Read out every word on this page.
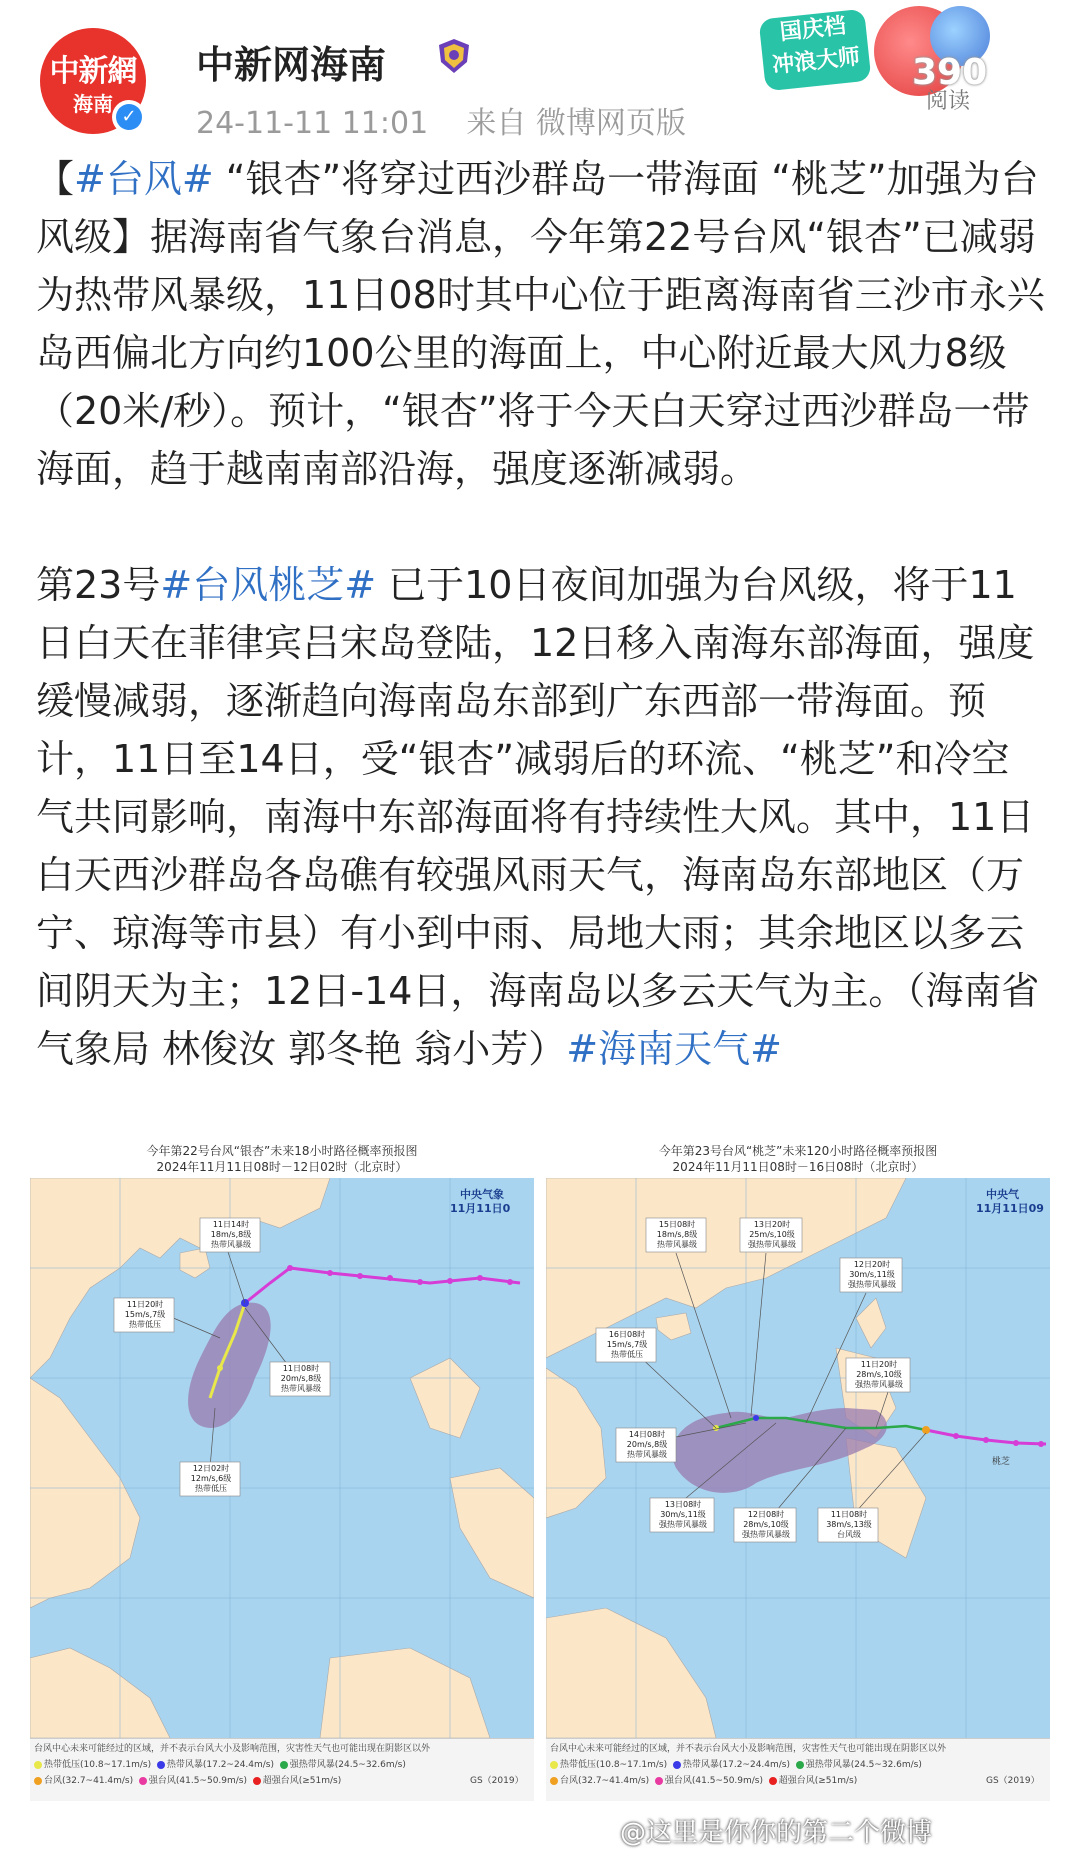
中新網
海南
✓
中新网海南
24-11-11 11:01 来自 微博网页版
国庆档
冲浪大师 390
阅读

【#台风# “银杏”将穿过西沙群岛一带海面 “桃芝”加强为台风级】据海南省气象台消息，今年第22号台风“银杏”已减弱为热带风暴级，11日08时其中心位于距离海南省三沙市永兴岛西偏北方向约100公里的海面上，中心附近最大风力8级（20米/秒）。预计，“银杏”将于今天白天穿过西沙群岛一带海面，趋于越南南部沿海，强度逐渐减弱。

第23号#台风桃芝# 已于10日夜间加强为台风级，将于11日白天在菲律宾吕宋岛登陆，12日移入南海东部海面，强度缓慢减弱，逐渐趋向海南岛东部到广东西部一带海面。预计，11日至14日，受“银杏”减弱后的环流、“桃芝”和冷空气共同影响，南海中东部海面将有持续性大风。其中，11日白天西沙群岛各岛礁有较强风雨天气，海南岛东部地区（万宁、琼海等市县）有小到中雨、局地大雨；其余地区以多云间阴天为主；12日-14日，海南岛以多云天气为主。（海南省气象局 林俊汝 郭冬艳 翁小芳）#海南天气#

今年第22号台风“银杏”未来18小时路径概率预报图
2024年11月11日08时－12日02时（北京时）
11日14时
18m/s,8级
热带风暴级
11日20时
15m/s,7级
热带低压
11日08时
20m/s,8级
热带风暴级
12日02时
12m/s,6级
热带低压
中央气象
11月11日0
台风中心未来可能经过的区域，并不表示台风大小及影响范围，灾害性天气也可能出现在阴影区以外
热带低压(10.8~17.1m/s) 热带风暴(17.2~24.4m/s) 强热带风暴(24.5~32.6m/s)
台风(32.7~41.4m/s) 强台风(41.5~50.9m/s) 超强台风(≥51m/s)	GS（2019）
今年第23号台风“桃芝”未来120小时路径概率预报图
2024年11月11日08时－16日08时（北京时）
15日08时
18m/s,8级
热带风暴级
13日20时
25m/s,10级
强热带风暴级
12日20时
30m/s,11级
强热带风暴级
16日08时
15m/s,7级
热带低压
11日20时
28m/s,10级
强热带风暴级
14日08时
20m/s,8级
热带风暴级
13日08时
30m/s,11级
强热带风暴级
12日08时
28m/s,10级
强热带风暴级
11日08时
38m/s,13级
台风级
桃芝
中央气
11月11日09
台风中心未来可能经过的区域，并不表示台风大小及影响范围，灾害性天气也可能出现在阴影区以外
热带低压(10.8~17.1m/s) 热带风暴(17.2~24.4m/s) 强热带风暴(24.5~32.6m/s)
台风(32.7~41.4m/s) 强台风(41.5~50.9m/s) 超强台风(≥51m/s)	GS（2019）
@这里是你你的第二个微博
